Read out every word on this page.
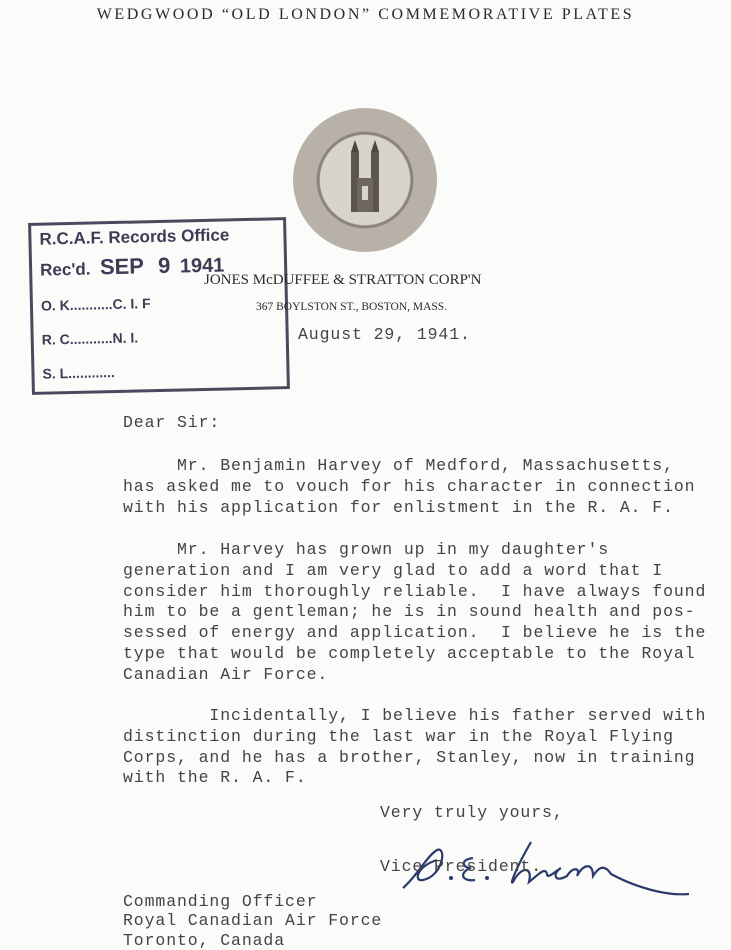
WEDGWOOD “OLD LONDON” COMMEMORATIVE PLATES

R.C.A.F. Records Office

Rec'd. SEP 9 1941

O. K...........C. I. F

R. C...........N. I.

S. L............

JONES McDUFFEE & STRATTON CORP'N
367 BOYLSTON ST., BOSTON, MASS.
August 29, 1941.
Dear Sir:
Mr. Benjamin Harvey of Medford, Massachusetts,
has asked me to vouch for his character in connection
with his application for enlistment in the R. A. F.
Mr. Harvey has grown up in my daughter's
generation and I am very glad to add a word that I
consider him thoroughly reliable.  I have always found
him to be a gentleman; he is in sound health and pos-
sessed of energy and application.  I believe he is the
type that would be completely acceptable to the Royal
Canadian Air Force.
Incidentally, I believe his father served with
distinction during the last war in the Royal Flying
Corps, and he has a brother, Stanley, now in training
with the R. A. F.
Very truly yours,

Vice President.
Commanding Officer
Royal Canadian Air Force
Toronto, Canada
